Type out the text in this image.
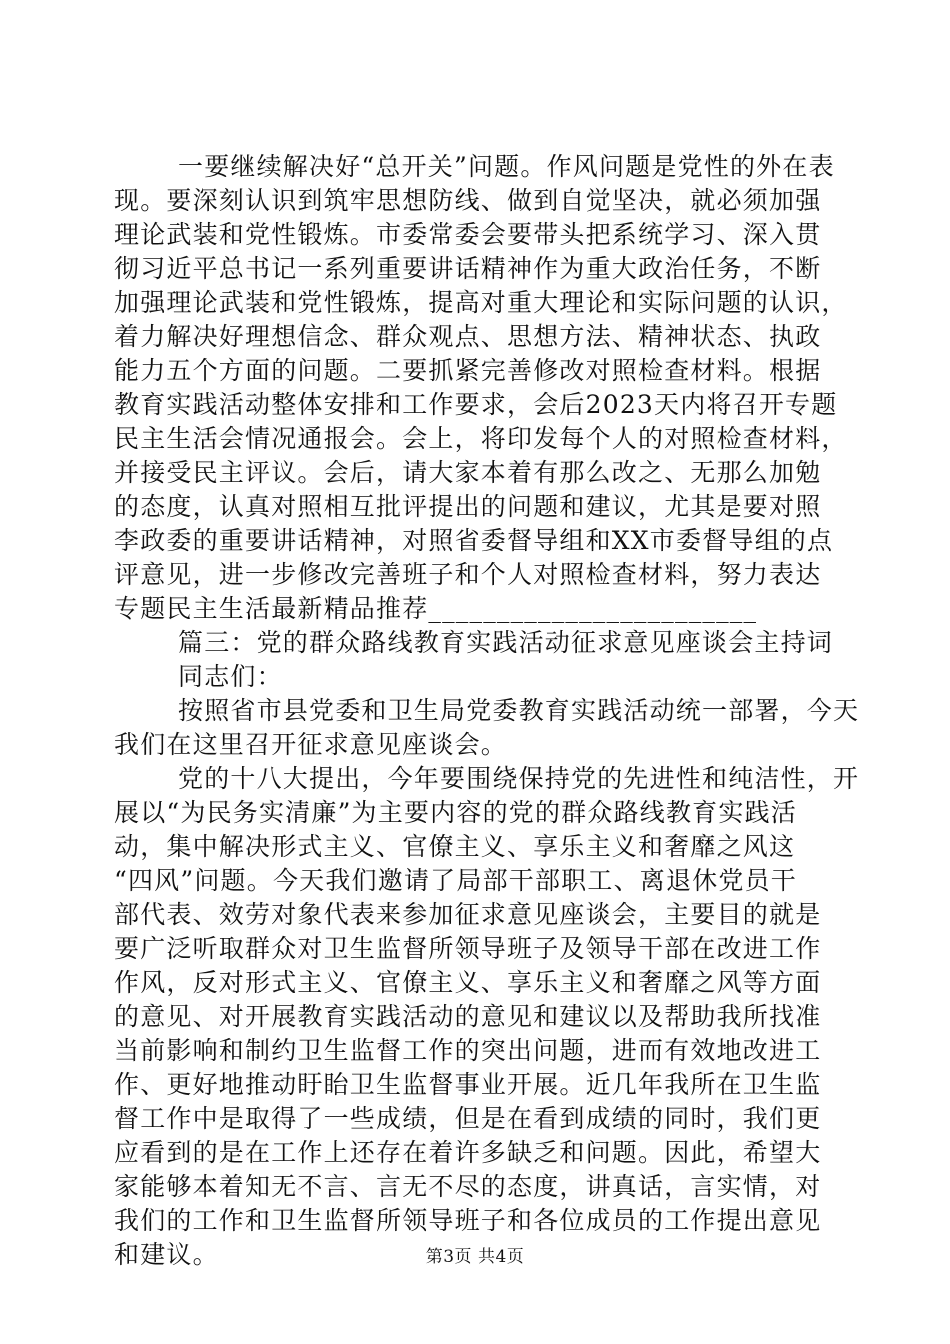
一要继续解决好“总开关”问题。作风问题是党性的外在表
现。要深刻认识到筑牢思想防线、做到自觉坚决，就必须加强
理论武装和党性锻炼。市委常委会要带头把系统学习、深入贯
彻习近平总书记一系列重要讲话精神作为重大政治任务，不断
加强理论武装和党性锻炼，提高对重大理论和实际问题的认识，
着力解决好理想信念、群众观点、思想方法、精神状态、执政
能力五个方面的问题。二要抓紧完善修改对照检查材料。根据
教育实践活动整体安排和工作要求，会后2023天内将召开专题
民主生活会情况通报会。会上，将印发每个人的对照检查材料，
并接受民主评议。会后，请大家本着有那么改之、无那么加勉
的态度，认真对照相互批评提出的问题和建议，尤其是要对照
李政委的重要讲话精神，对照省委督导组和XX市委督导组的点
评意见，进一步修改完善班子和个人对照检查材料，努力表达
专题民主生活最新精品推荐________________________
篇三：党的群众路线教育实践活动征求意见座谈会主持词
同志们：
按照省市县党委和卫生局党委教育实践活动统一部署，今天
我们在这里召开征求意见座谈会。
党的十八大提出，今年要围绕保持党的先进性和纯洁性，开
展以“为民务实清廉”为主要内容的党的群众路线教育实践活
动，集中解决形式主义、官僚主义、享乐主义和奢靡之风这
“四风”问题。今天我们邀请了局部干部职工、离退休党员干
部代表、效劳对象代表来参加征求意见座谈会，主要目的就是
要广泛听取群众对卫生监督所领导班子及领导干部在改进工作
作风，反对形式主义、官僚主义、享乐主义和奢靡之风等方面
的意见、对开展教育实践活动的意见和建议以及帮助我所找准
当前影响和制约卫生监督工作的突出问题，进而有效地改进工
作、更好地推动盱眙卫生监督事业开展。近几年我所在卫生监
督工作中是取得了一些成绩，但是在看到成绩的同时，我们更
应看到的是在工作上还存在着许多缺乏和问题。因此，希望大
家能够本着知无不言、言无不尽的态度，讲真话，言实情，对
我们的工作和卫生监督所领导班子和各位成员的工作提出意见
和建议。	第3页 共4页
